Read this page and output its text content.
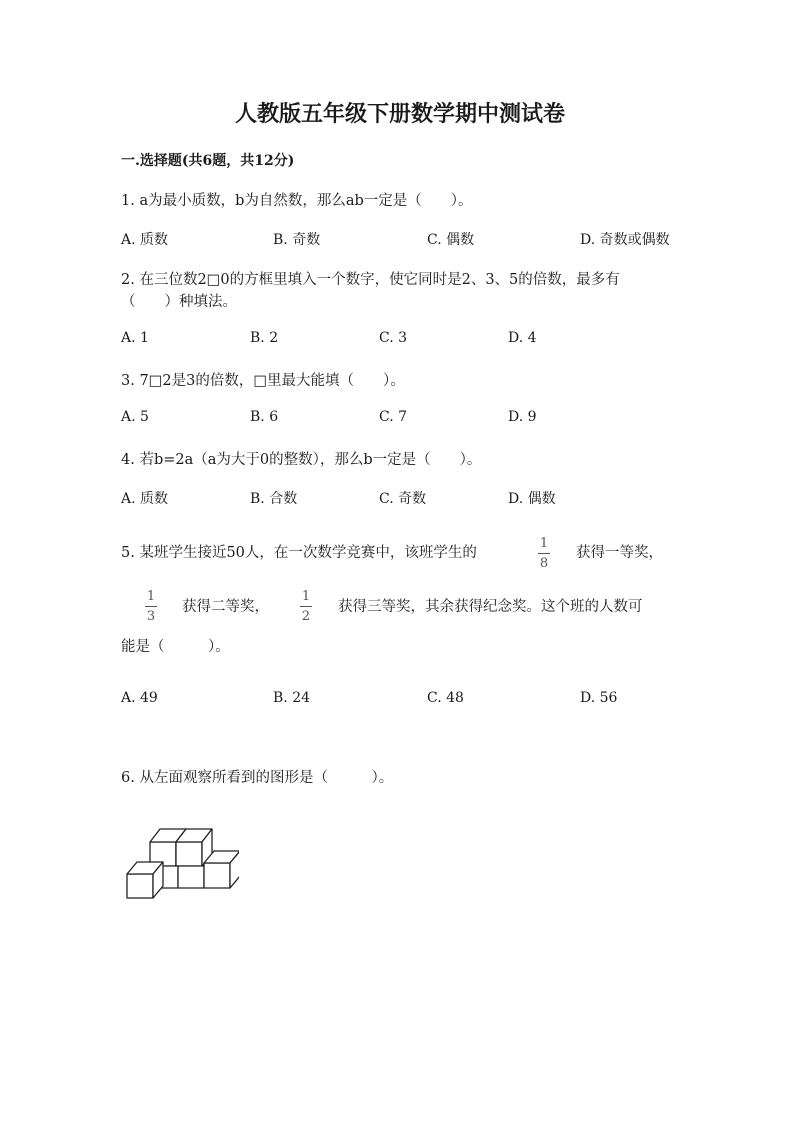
人教版五年级下册数学期中测试卷
一.选择题(共6题，共12分)
1. a为最小质数，b为自然数，那么ab一定是（　　）。
A. 质数	B. 奇数	C. 偶数	D. 奇数或偶数
2. 在三位数2□0的方框里填入一个数字，使它同时是2、3、5的倍数，最多有
（　　）种填法。
A. 1	B. 2	C. 3	D. 4
3. 7□2是3的倍数，□里最大能填（　　）。
A. 5	B. 6	C. 7	D. 9
4. 若b=2a（a为大于0的整数），那么b一定是（　　）。
A. 质数	B. 合数	C. 奇数	D. 偶数
5. 某班学生接近50人，在一次数学竞赛中，该班学生的
1
8
获得一等奖，
1
3
获得二等奖，
1
2
获得三等奖，其余获得纪念奖。这个班的人数可
能是（　　　）。
A. 49	B. 24	C. 48	D. 56
6. 从左面观察所看到的图形是（　　　）。
